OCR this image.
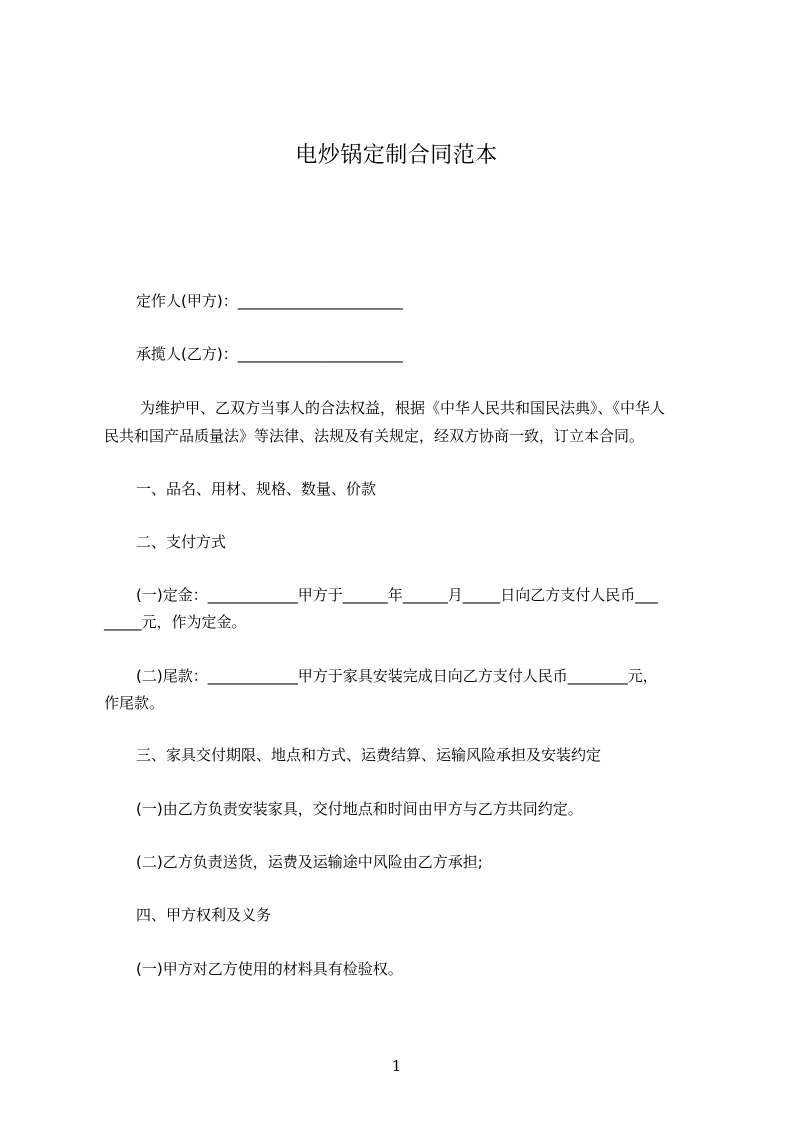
电炒锅定制合同范本
定作人(甲方)：______________________
承揽人(乙方)：______________________
为维护甲、乙双方当事人的合法权益，根据《中华人民共和国民法典》、《中华人
民共和国产品质量法》等法律、法规及有关规定，经双方协商一致，订立本合同。
一、品名、用材、规格、数量、价款
二、支付方式
(一)定金：____________甲方于______年______月_____日向乙方支付人民币___
_____元，作为定金。
(二)尾款：____________甲方于家具安装完成日向乙方支付人民币________元，
作尾款。
三、家具交付期限、地点和方式、运费结算、运输风险承担及安装约定
(一)由乙方负责安装家具，交付地点和时间由甲方与乙方共同约定。
(二)乙方负责送货，运费及运输途中风险由乙方承担;
四、甲方权利及义务
(一)甲方对乙方使用的材料具有检验权。
1
